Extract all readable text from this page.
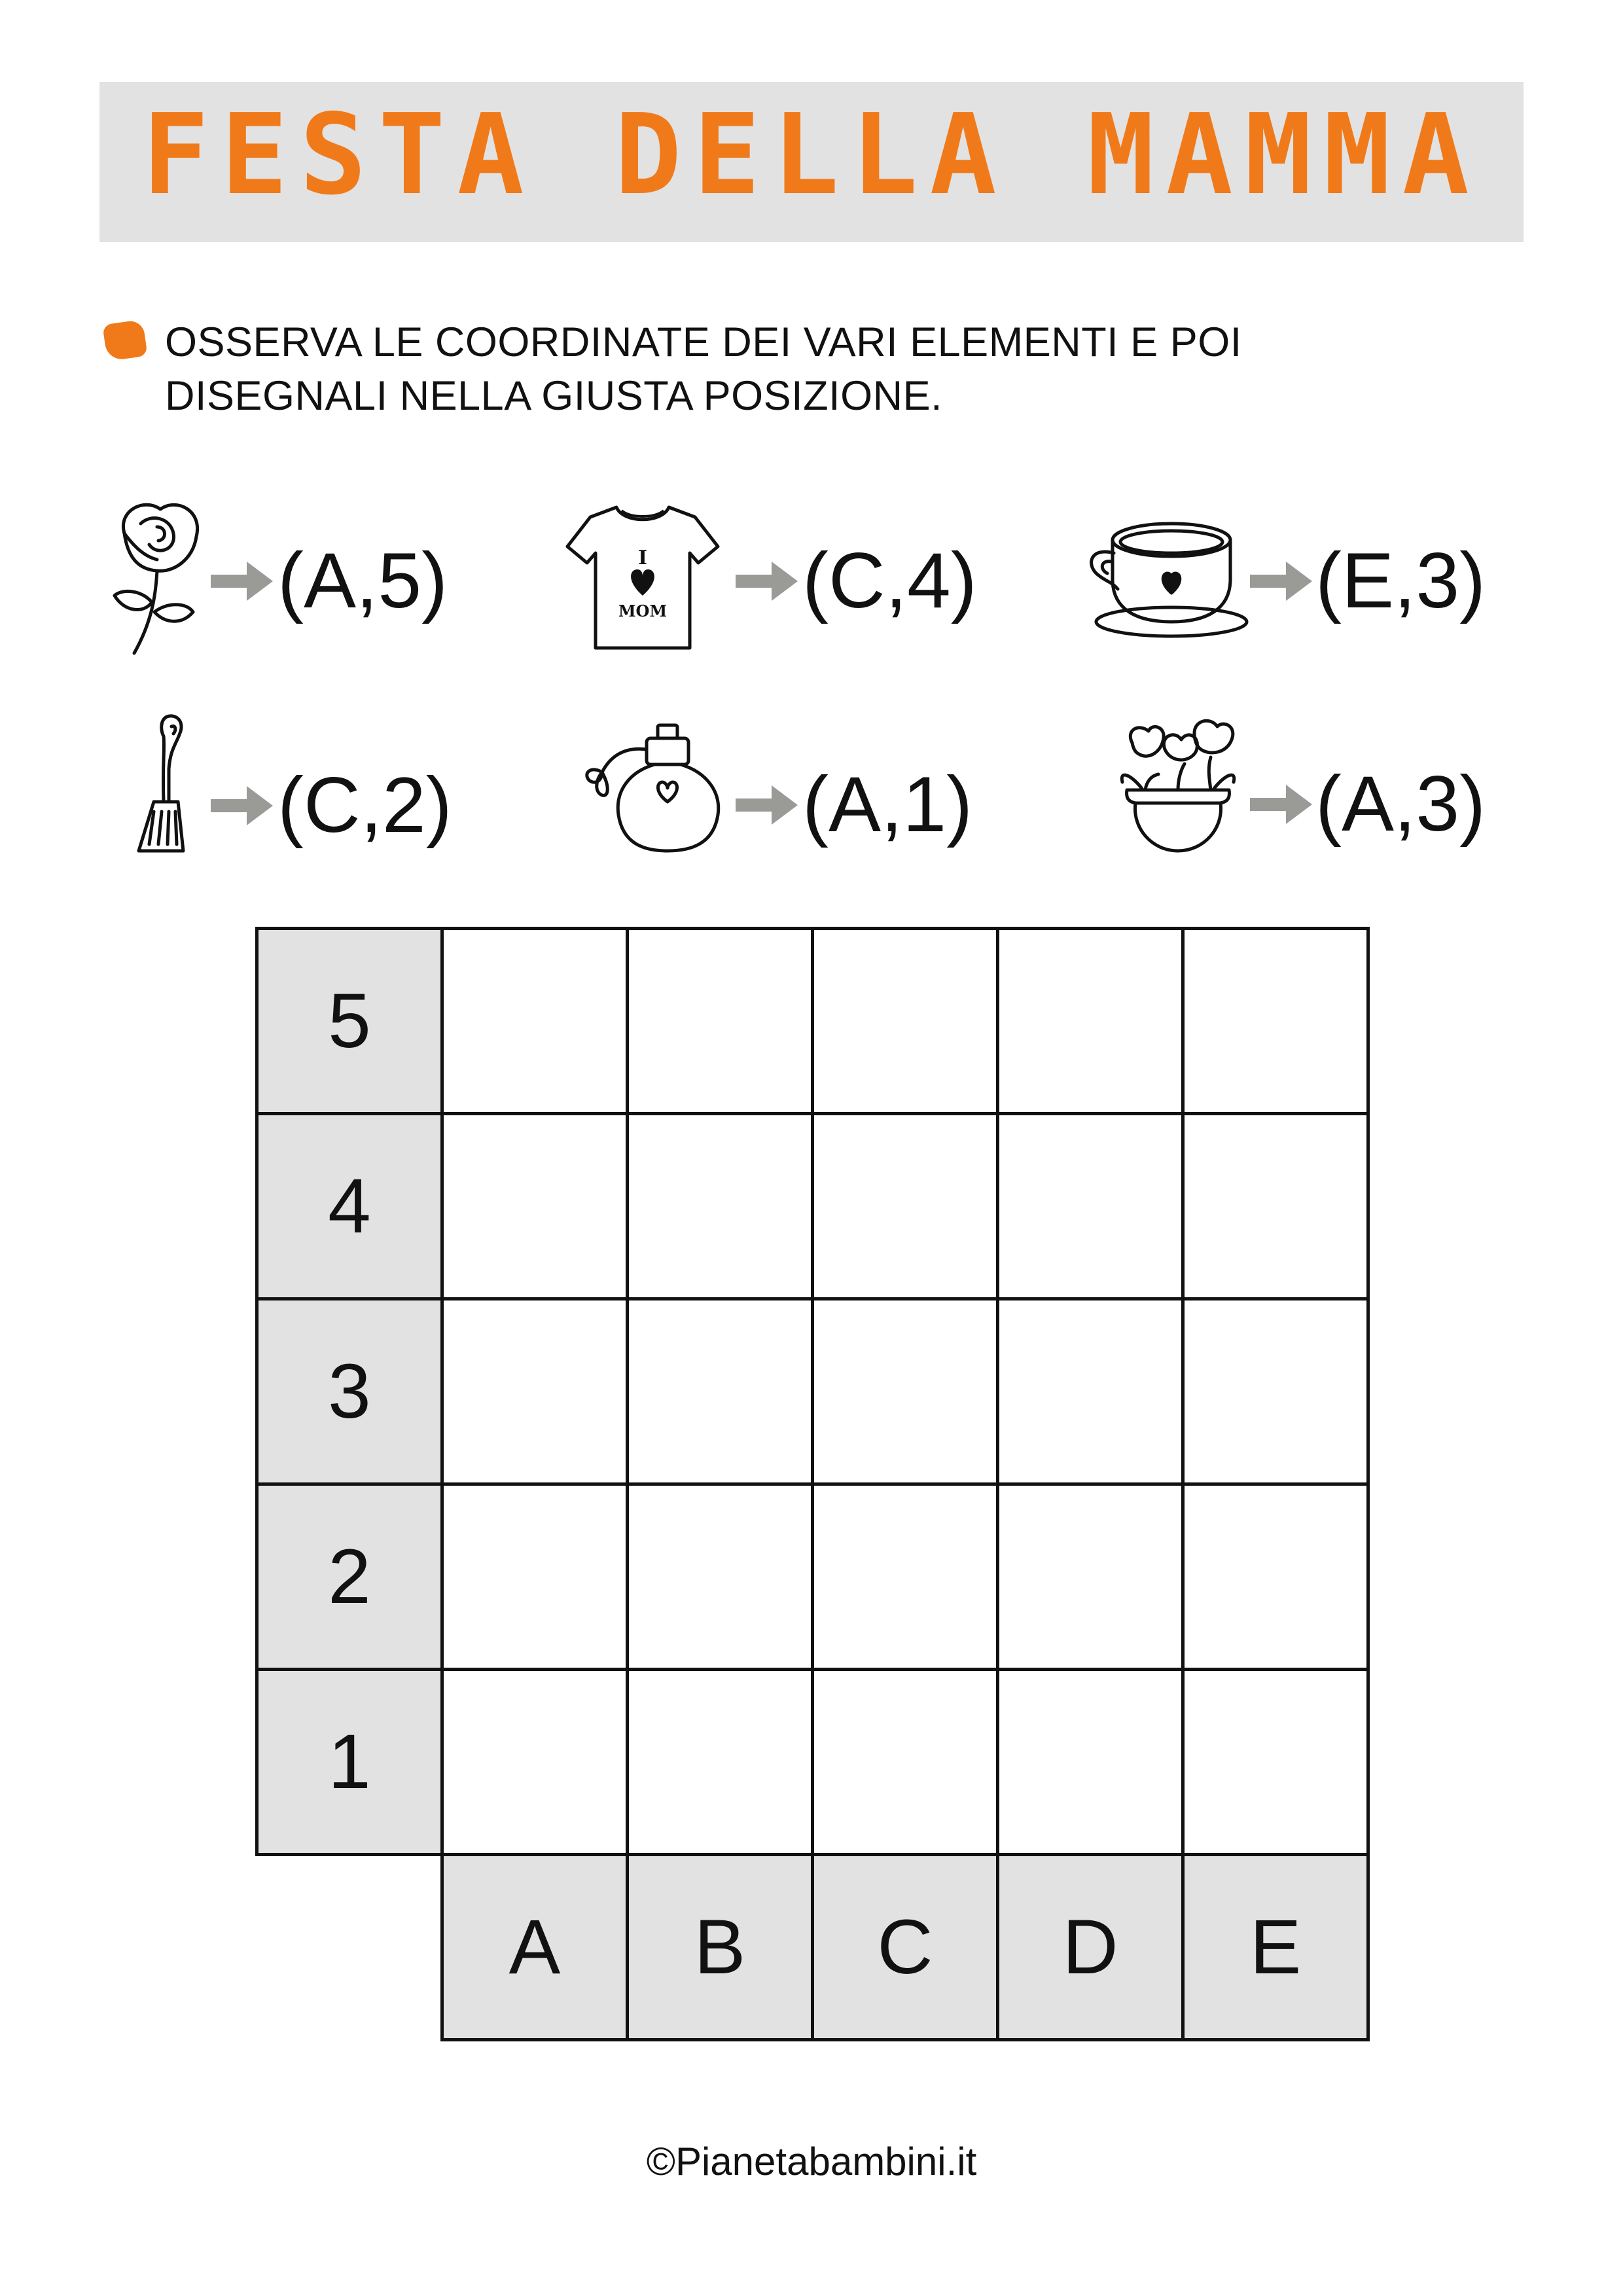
FESTA DELLA MAMMA
OSSERVA LE COORDINATE DEI VARI ELEMENTI E POI
DISEGNALI NELLA GIUSTA POSIZIONE.
(A,5)	I
MOM (C,4)	(E,3)
(C,2)	(A,1)	(A,3)
5
4
3
2
1
A	B	C	D	E
©Pianetabambini.it
